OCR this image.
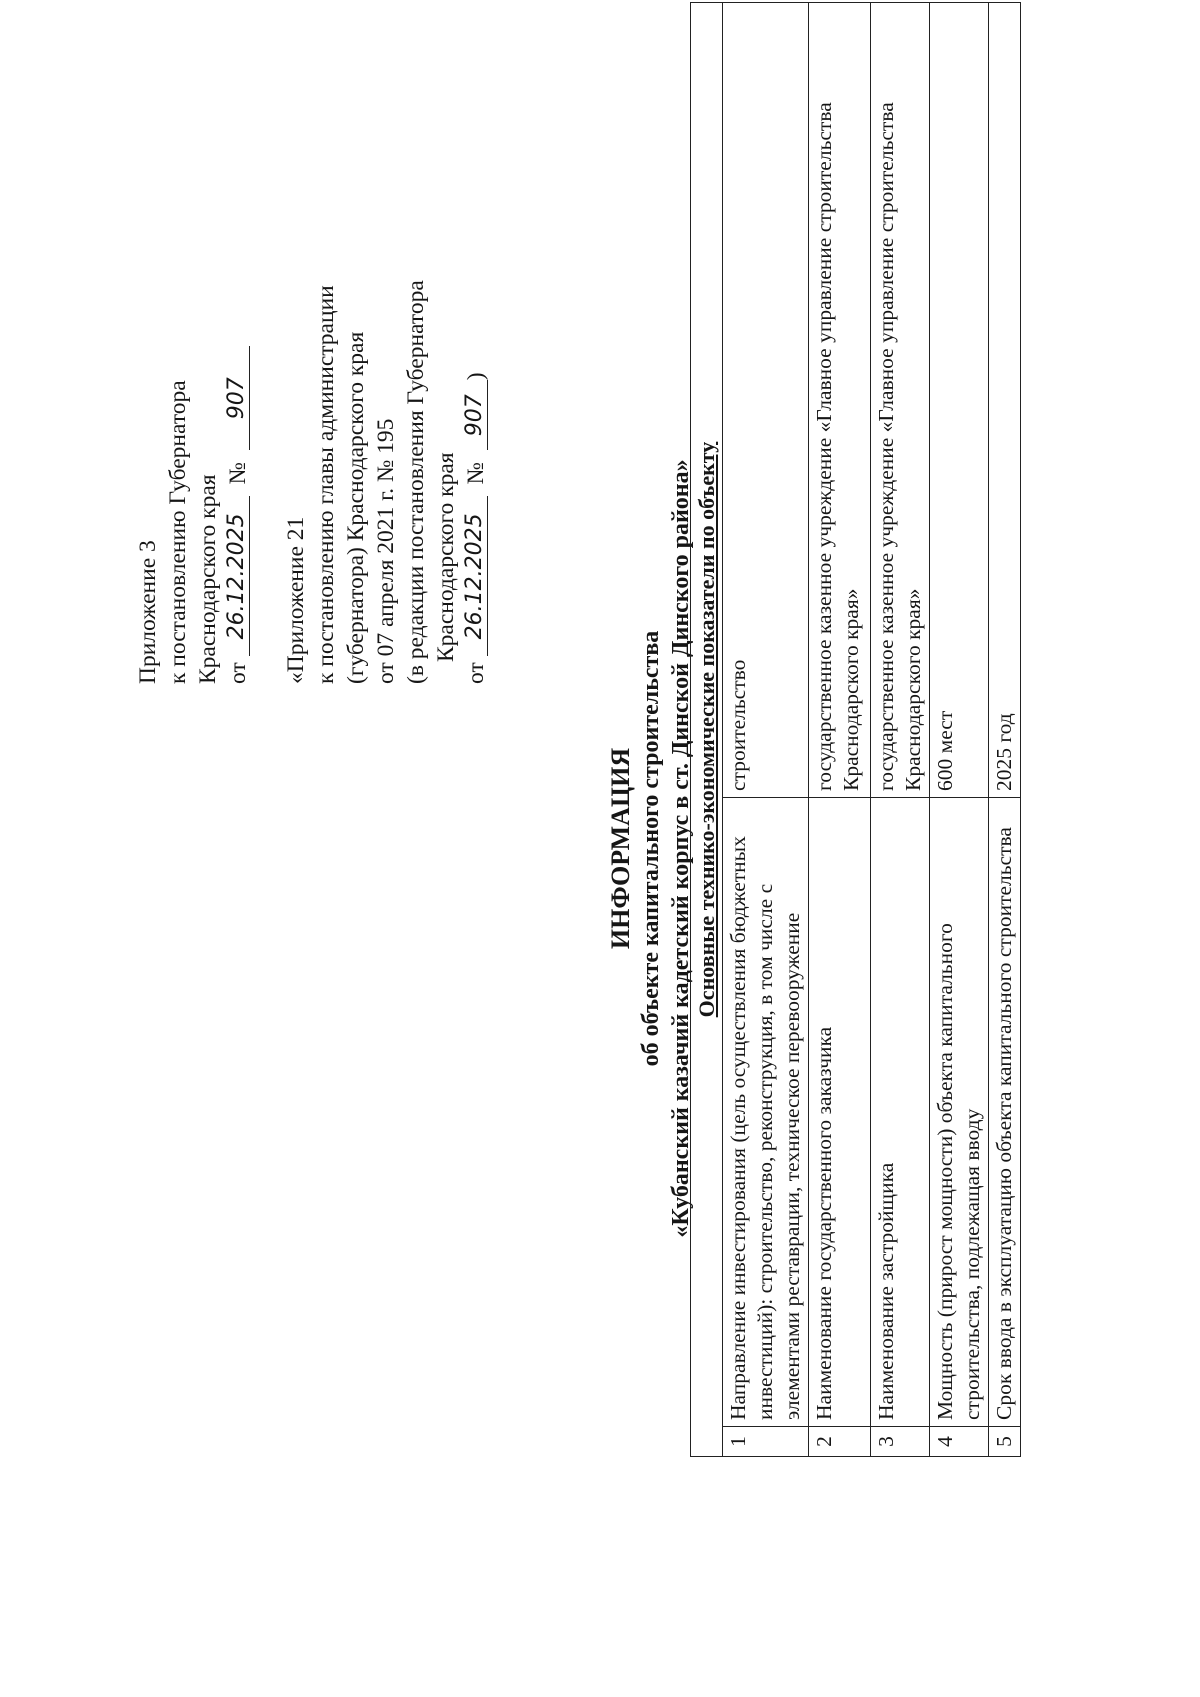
Приложение 3 к постановлению Губернатора Краснодарского края от 26.12.2025 № 907
«Приложение 21 к постановлению главы администрации (губернатора) Краснодарского края от 07 апреля 2021 г. № 195 (в редакции постановления Губернатора Краснодарского края
от 26.12.2025 № 907)
ИНФОРМАЦИЯ об объекте капитального строительства «Кубанский казачий кадетский корпус в ст. Динской Динского района» Основные технико-экономические показатели по объекту		
1	Направление инвестирования (цель осуществления бюджетных инвестиций): строительство, реконструкция, в том числе с элементами реставрации, техническое перевооружение	строительство
2	Наименование государственного заказчика	государственное казенное учреждение «Главное управление строительства Краснодарского края»
3	Наименование застройщика	государственное казенное учреждение «Главное управление строительства Краснодарского края»
4	Мощность (прирост мощности) объекта капитального строительства, подлежащая вводу	600 мест
5	Срок ввода в эксплуатацию объекта капитального строительства	2025 год
